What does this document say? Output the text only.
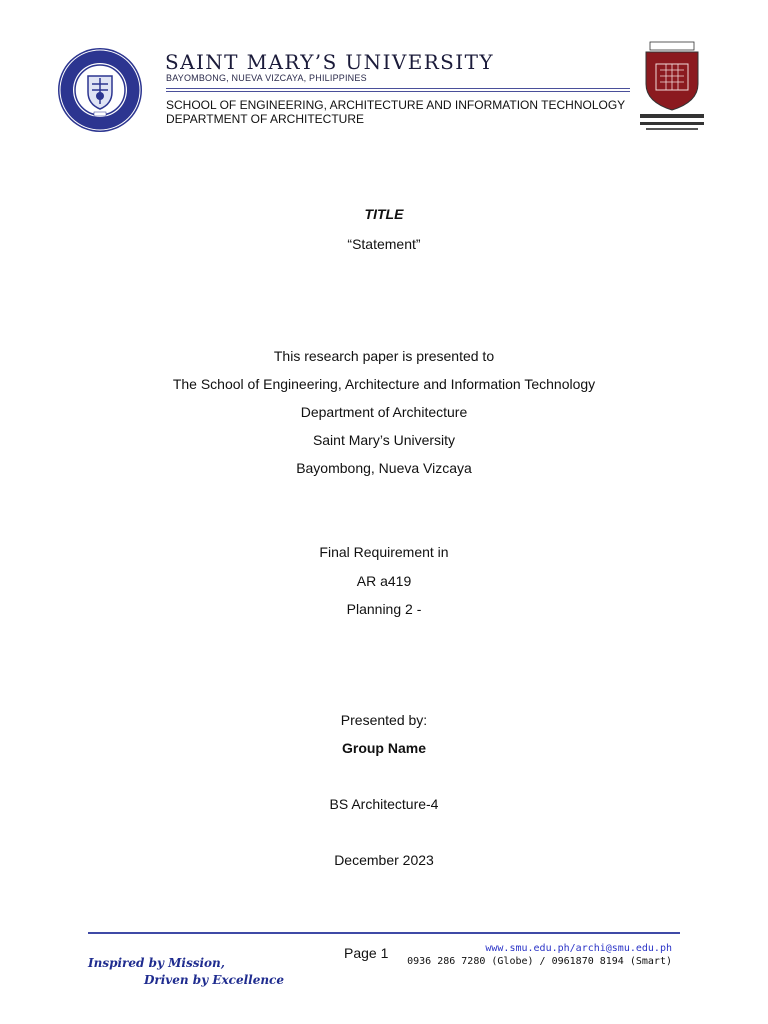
SAINT MARY’S UNIVERSITY
BAYOMBONG, NUEVA VIZCAYA, PHILIPPINES
SCHOOL OF ENGINEERING, ARCHITECTURE AND INFORMATION TECHNOLOGY
DEPARTMENT OF ARCHITECTURE
TITLE
“Statement”
This research paper is presented to
The School of Engineering, Architecture and Information Technology
Department of Architecture
Saint Mary’s University
Bayombong, Nueva Vizcaya
Final Requirement in
AR a419
Planning 2 -
Presented by:
Group Name
BS Architecture-4
December 2023
Inspired by Mission,
Driven by Excellence
Page 1	www.smu.edu.ph/archi@smu.edu.ph
0936 286 7280 (Globe) / 0961870 8194 (Smart)
